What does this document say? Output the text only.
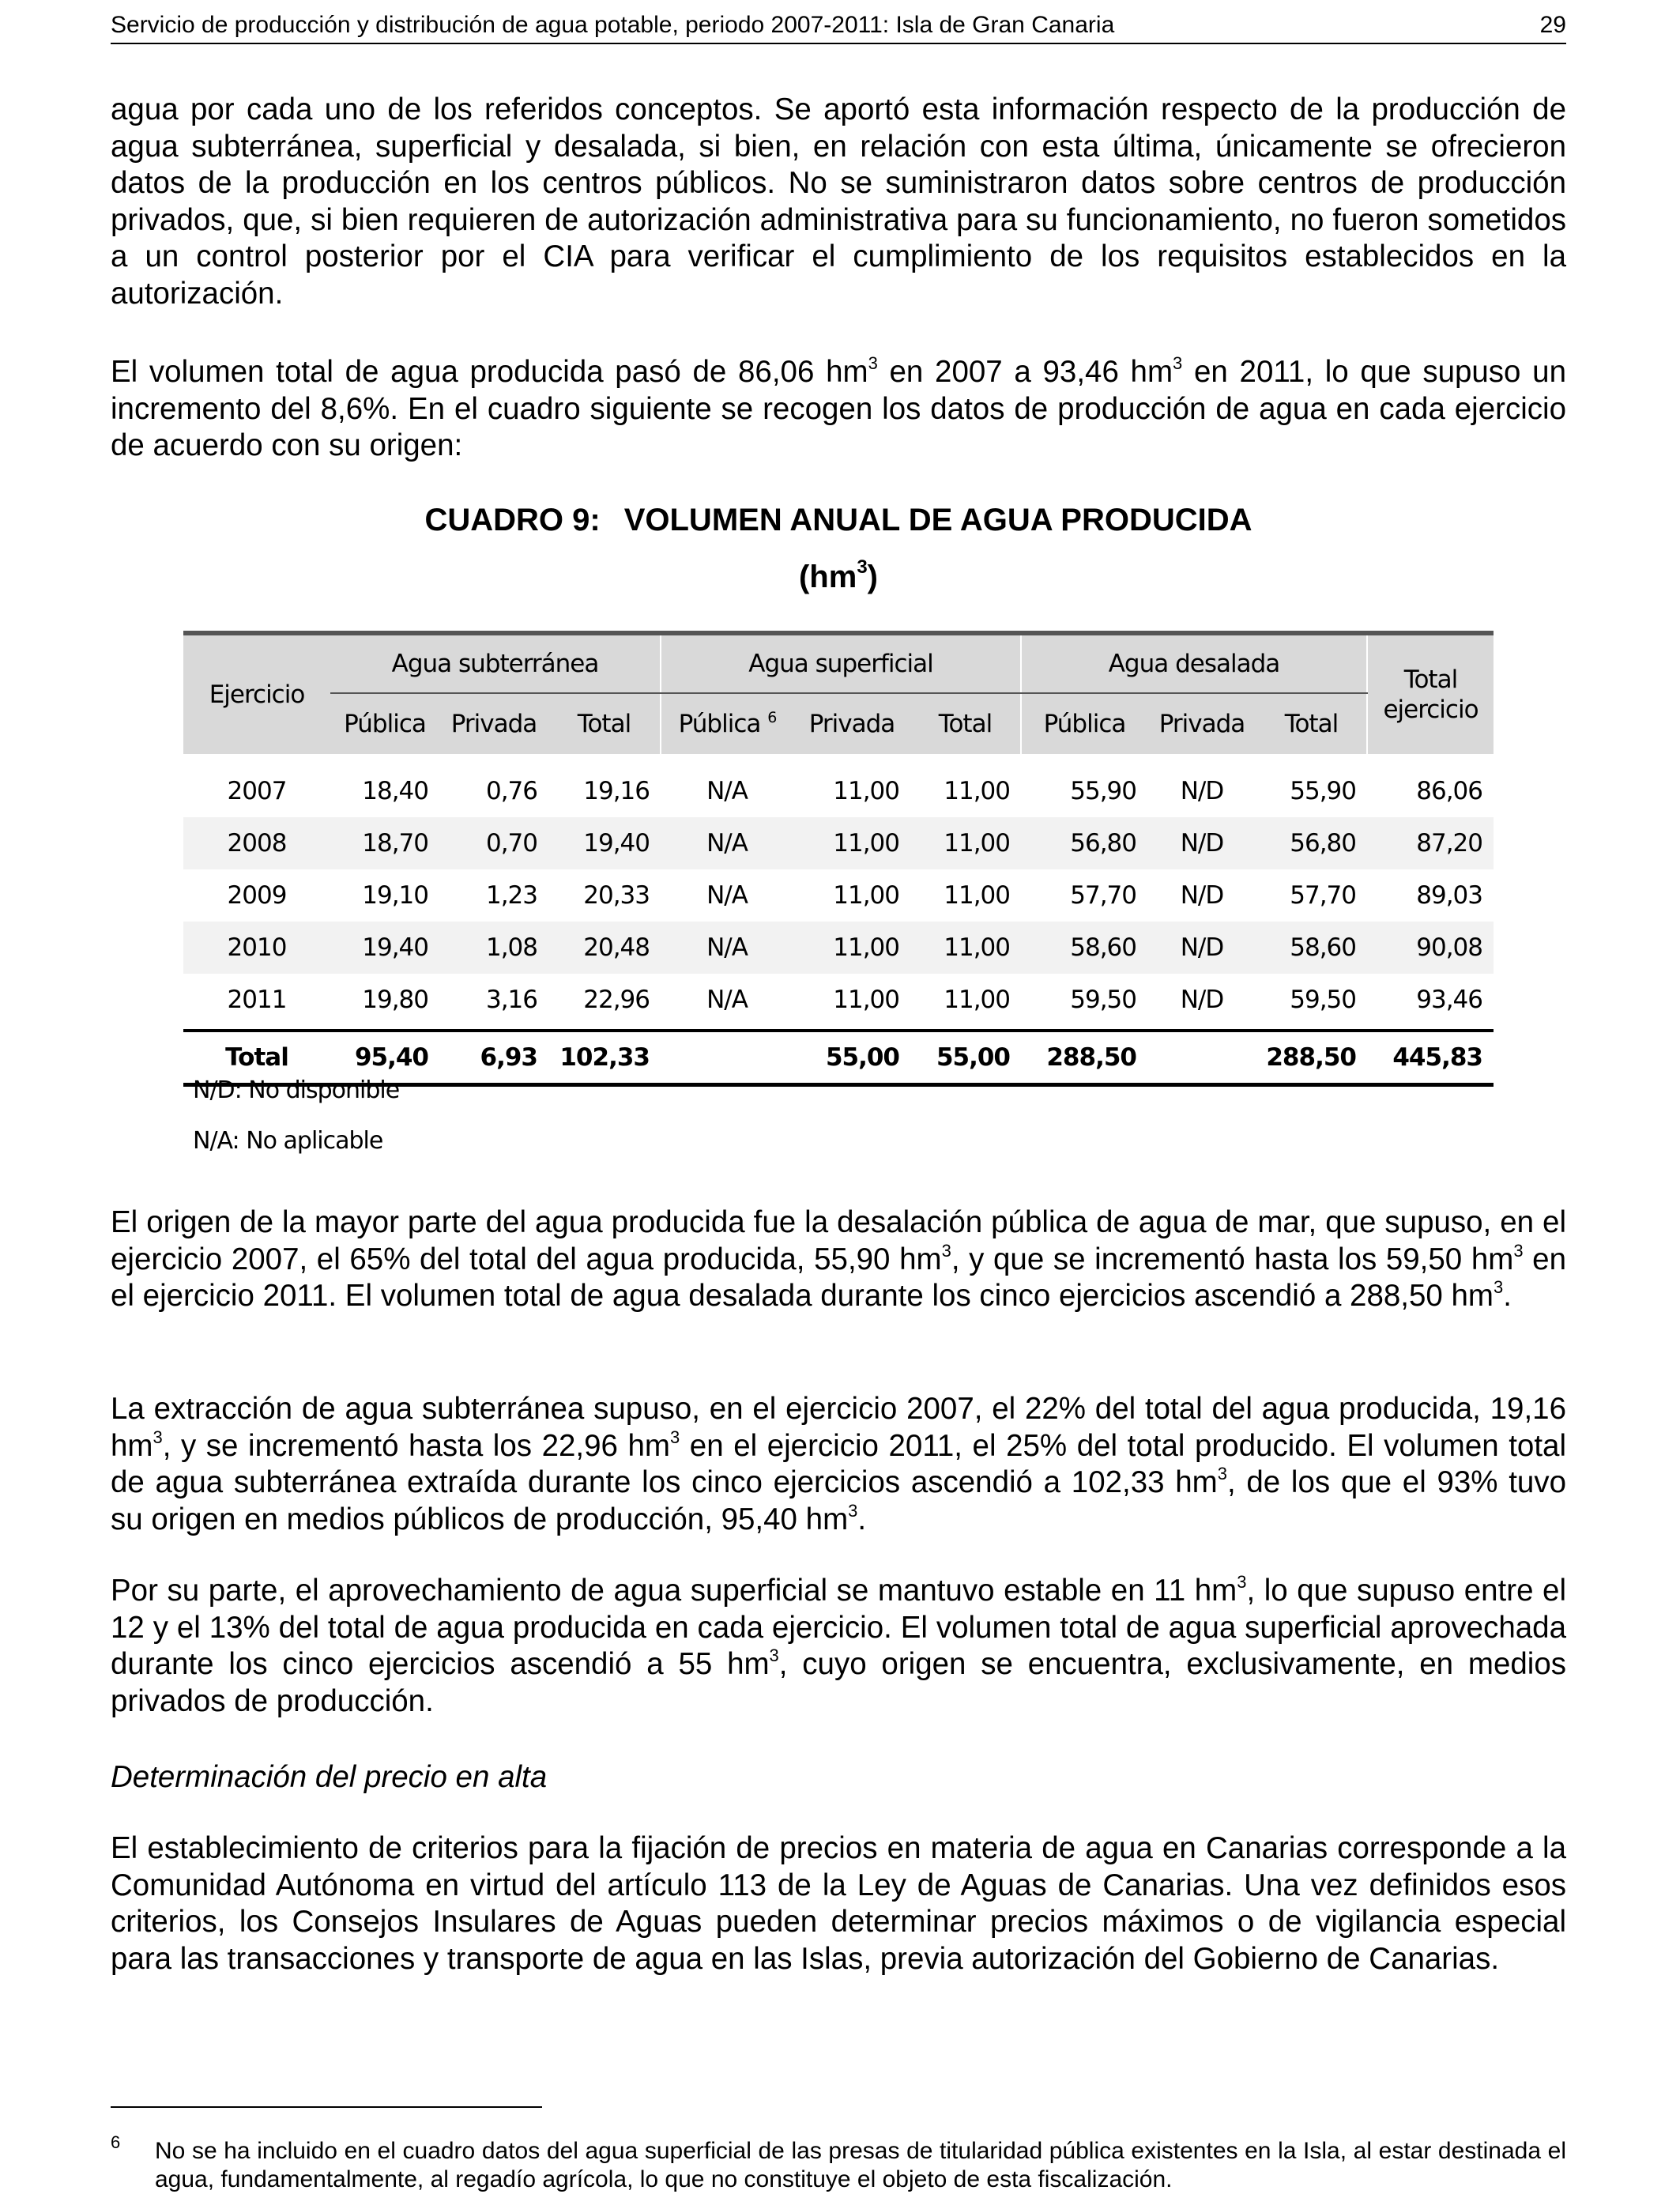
Servicio de producción y distribución de agua potable, periodo 2007-2011: Isla de Gran Canaria	29

agua por cada uno de los referidos conceptos. Se aportó esta información respecto de la producción de agua subterránea, superficial y desalada, si bien, en relación con esta última, únicamente se ofrecieron datos de la producción en los centros públicos. No se suministraron datos sobre centros de producción privados, que, si bien requieren de autorización administrativa para su funcionamiento, no fueron sometidos a un control posterior por el CIA para verificar el cumplimiento de los requisitos establecidos en la autorización.

El volumen total de agua producida pasó de 86,06 $hm^3$ en 2007 a 93,46 $hm^3$ en 2011, lo que supuso un incremento del 8,6%. En el cuadro siguiente se recogen los datos de producción de agua en cada ejercicio de acuerdo con su origen:

CUADRO 9: VOLUMEN ANUAL DE AGUA PRODUCIDA
$(hm^3)$
Ejercicio	Agua subterránea			Agua superficial			Agua desalada			Total ejercicio
	Pública	Privada	Total	Pública $^6$	Privada	Total	Pública	Privada	Total	

2007	18,40	0,76	19,16	N/A	11,00	11,00	55,90	N/D	55,90	86,06
2008	18,70	0,70	19,40	N/A	11,00	11,00	56,80	N/D	56,80	87,20
2009	19,10	1,23	20,33	N/A	11,00	11,00	57,70	N/D	57,70	89,03
2010	19,40	1,08	20,48	N/A	11,00	11,00	58,60	N/D	58,60	90,08
2011	19,80	3,16	22,96	N/A	11,00	11,00	59,50	N/D	59,50	93,46

Total	95,40	6,93	102,33		55,00	55,00	288,50		288,50	445,83
N/D: No disponible
N/A: No aplicable

El origen de la mayor parte del agua producida fue la desalación pública de agua de mar, que supuso, en el ejercicio 2007, el 65% del total del agua producida, 55,90 $hm^3$, y que se incrementó hasta los 59,50 $hm^3$ en el ejercicio 2011. El volumen total de agua desalada durante los cinco ejercicios ascendió a 288,50 $hm^3$.

La extracción de agua subterránea supuso, en el ejercicio 2007, el 22% del total del agua producida, 19,16 $hm^3$, y se incrementó hasta los 22,96 $hm^3$ en el ejercicio 2011, el 25% del total producido. El volumen total de agua subterránea extraída durante los cinco ejercicios ascendió a 102,33 $hm^3$, de los que el 93% tuvo su origen en medios públicos de producción, 95,40 $hm^3$.

Por su parte, el aprovechamiento de agua superficial se mantuvo estable en 11 $hm^3$, lo que supuso entre el 12 y el 13% del total de agua producida en cada ejercicio. El volumen total de agua superficial aprovechada durante los cinco ejercicios ascendió a 55 $hm^3$, cuyo origen se encuentra, exclusivamente, en medios privados de producción.

Determinación del precio en alta

El establecimiento de criterios para la fijación de precios en materia de agua en Canarias corresponde a la Comunidad Autónoma en virtud del artículo 113 de la Ley de Aguas de Canarias. Una vez definidos esos criterios, los Consejos Insulares de Aguas pueden determinar precios máximos o de vigilancia especial para las transacciones y transporte de agua en las Islas, previa autorización del Gobierno de Canarias.

6 No se ha incluido en el cuadro datos del agua superficial de las presas de titularidad pública existentes en la Isla, al estar destinada el agua, fundamentalmente, al regadío agrícola, lo que no constituye el objeto de esta fiscalización.
